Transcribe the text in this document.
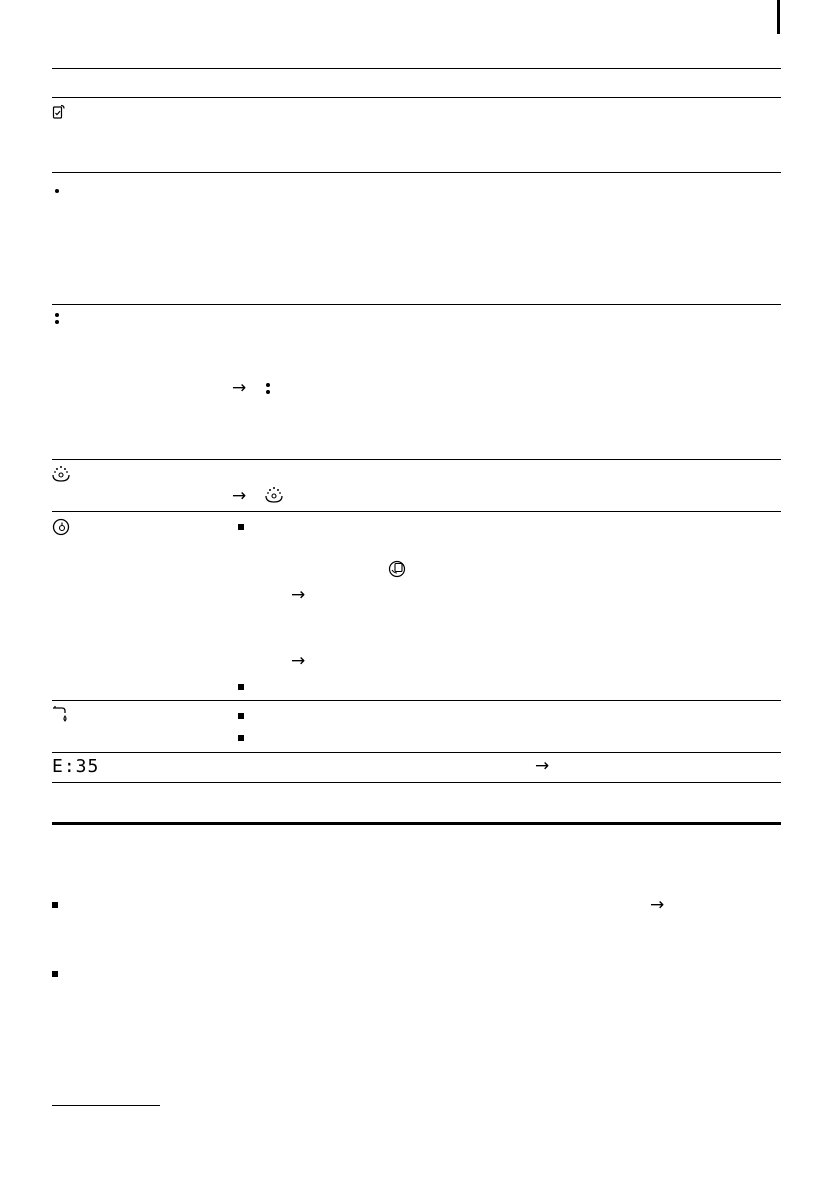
→
→
→
→
E:35	→
→
